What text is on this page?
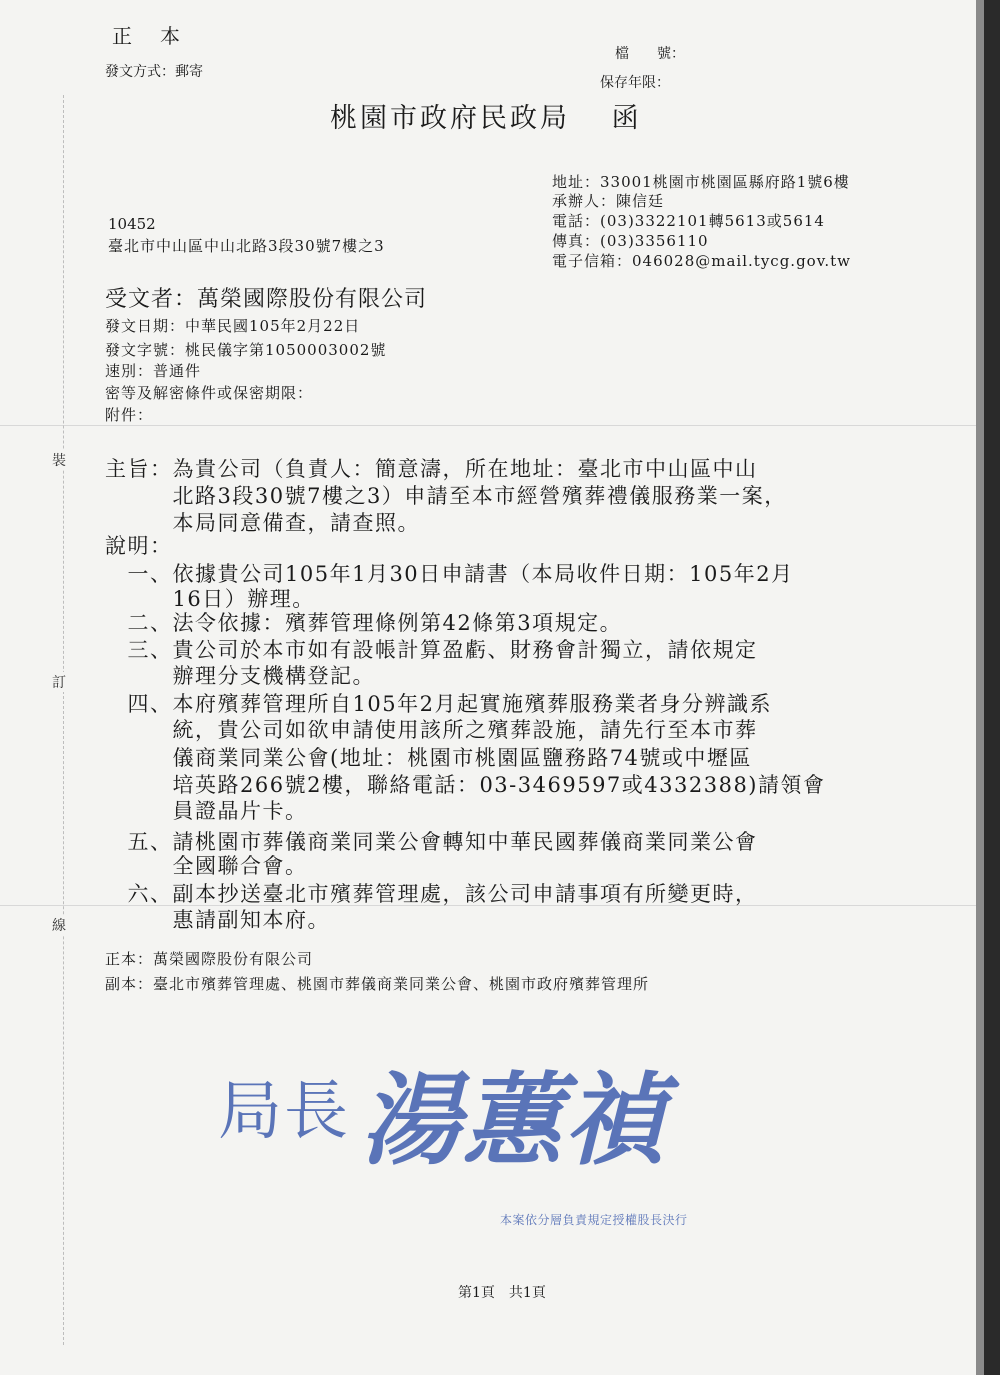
裝
訂
線
正　本
發文方式：郵寄
檔　　號：
保存年限：
桃園市政府民政局　 函
地址：33001桃園市桃園區縣府路1號6樓
承辦人：陳信廷
電話：(03)3322101轉5613或5614
傳真：(03)3356110
電子信箱：046028@mail.tycg.gov.tw
10452
臺北市中山區中山北路3段30號7樓之3
受文者：萬榮國際股份有限公司
發文日期：中華民國105年2月22日
發文字號：桃民儀字第1050003002號
速別：普通件
密等及解密條件或保密期限：
附件：
主旨：為貴公司（負責人：簡意濤，所在地址：臺北市中山區中山
　　　北路3段30號7樓之3）申請至本市經營殯葬禮儀服務業一案，
　　　本局同意備查，請查照。
說明：
　一、依據貴公司105年1月30日申請書（本局收件日期：105年2月
　　　16日）辦理。
　二、法令依據：殯葬管理條例第42條第3項規定。
　三、貴公司於本市如有設帳計算盈虧、財務會計獨立，請依規定
　　　辦理分支機構登記。
　四、本府殯葬管理所自105年2月起實施殯葬服務業者身分辨識系
　　　統，貴公司如欲申請使用該所之殯葬設施，請先行至本市葬
　　　儀商業同業公會(地址：桃園市桃園區鹽務路74號或中壢區
　　　培英路266號2樓，聯絡電話：03-3469597或4332388)請領會
　　　員證晶片卡。
　五、請桃園市葬儀商業同業公會轉知中華民國葬儀商業同業公會
　　　全國聯合會。
　六、副本抄送臺北市殯葬管理處，該公司申請事項有所變更時，
　　　惠請副知本府。
正本：萬榮國際股份有限公司
副本：臺北市殯葬管理處、桃園市葬儀商業同業公會、桃園市政府殯葬管理所
局長 湯蕙禎
本案依分層負責規定授權股長決行
第1頁　共1頁
